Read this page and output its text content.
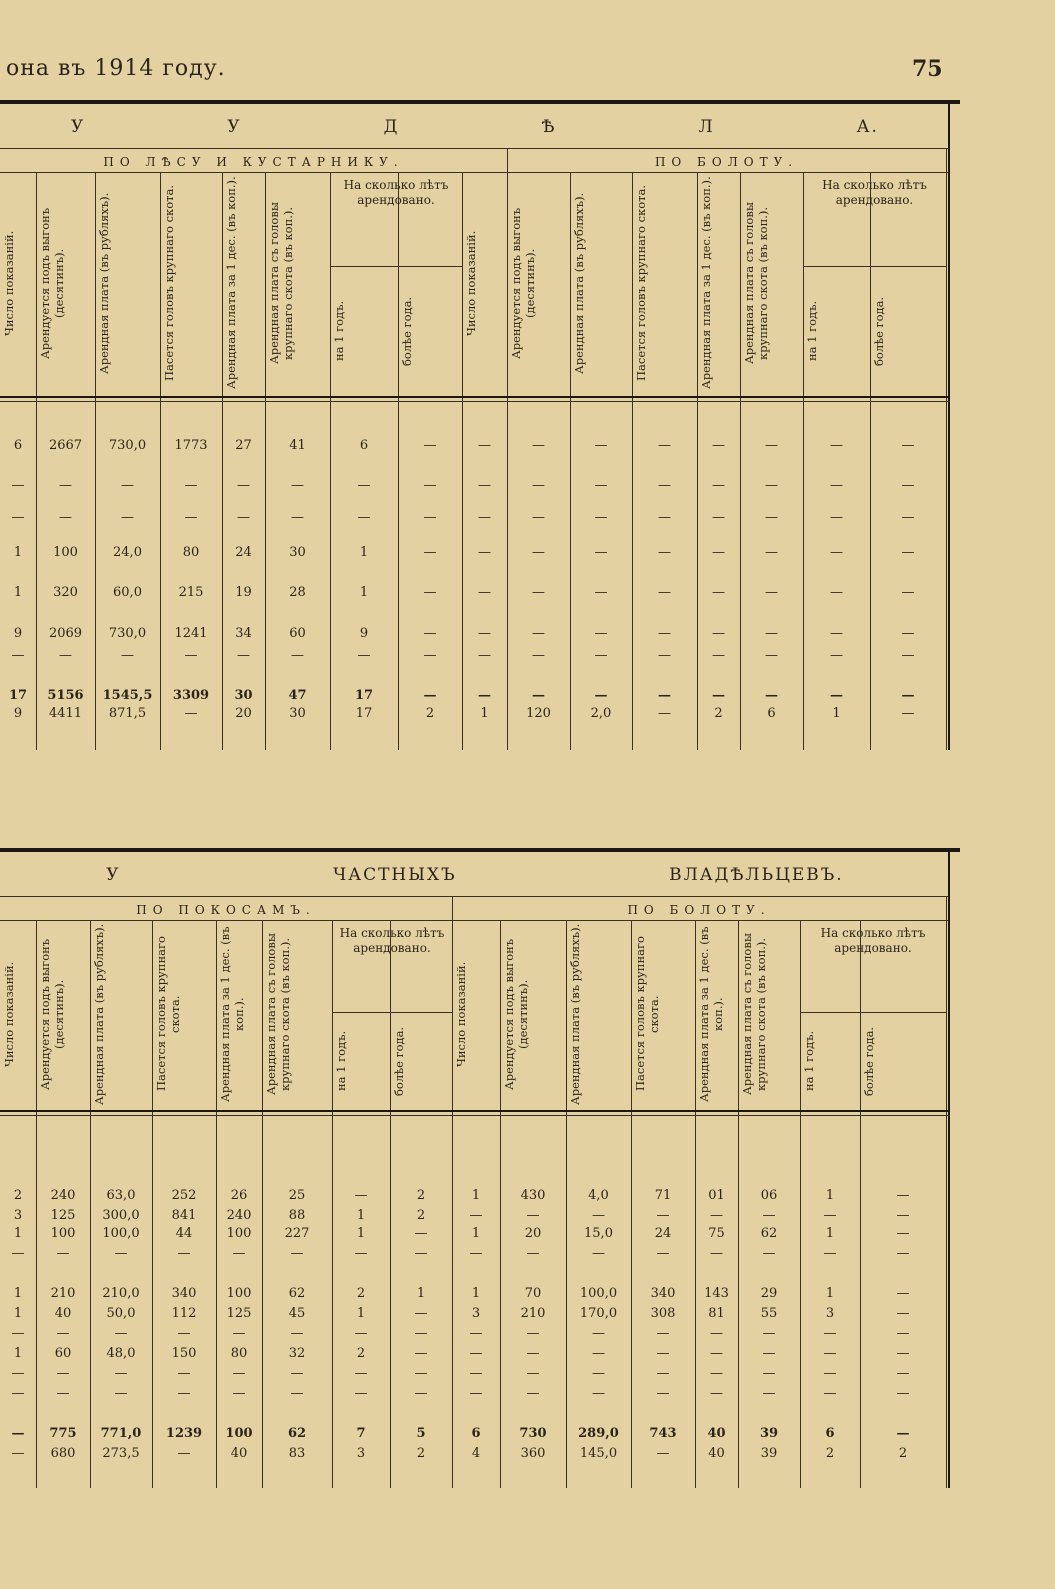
она въ 1914 году.	75
У	У	Д	Ѣ	Л	А.
ПО ЛѢСУ И КУСТАРНИКУ.	ПО БОЛОТУ.
Число показаній.	Арендуется подъ выгонъ (десятинъ).	Арендная плата (въ рубляхъ).	Пасется головъ крупнаго скота.	Арендная плата за 1 дес. (въ коп.).	Арендная плата съ головы крупнаго скота (въ коп.).
На сколько лѣтъ арендовано.
на 1 годъ.	болѣе года.	Число показаній.	Арендуется подъ выгонъ (десятинъ).	Арендная плата (въ рубляхъ).	Пасется головъ крупнаго скота.	Арендная плата за 1 дес. (въ коп.).	Арендная плата съ головы крупнаго скота (въ коп.).
На сколько лѣтъ арендовано.
на 1 годъ.	болѣе года.
6	2667	730,0	1773	27	41	6	—	—	—	—	—	—	—	—	—
—	—	—	—	—	—	—	—	—	—	—	—	—	—	—	—
—	—	—	—	—	—	—	—	—	—	—	—	—	—	—	—
1	100	24,0	80	24	30	1	—	—	—	—	—	—	—	—	—
1	320	60,0	215	19	28	1	—	—	—	—	—	—	—	—	—
9	2069	730,0	1241	34	60	9	—	—	—	—	—	—	—	—	—
—	—	—	—	—	—	—	—	—	—	—	—	—	—	—	—
17	5156	1545,5	3309	30	47	17	—	—	—	—	—	—	—	—	—
9	4411	871,5	—	20	30	17	2	1	120	2,0	—	2	6	1	—
У	ЧАСТНЫХЪ	ВЛАДѢЛЬЦЕВЪ.
ПО ПОКОСАМЪ.	ПО БОЛОТУ.
Число показаній.	Арендуется подъ выгонъ (десятинъ).	Арендная плата (въ рубляхъ).	Пасется головъ крупнаго скота.	Арендная плата за 1 дес. (въ коп.).	Арендная плата съ головы крупнаго скота (въ коп.).
На сколько лѣтъ арендовано.
на 1 годъ.	болѣе года.	Число показаній.	Арендуется подъ выгонъ (десятинъ).	Арендная плата (въ рубляхъ).	Пасется головъ крупнаго скота.	Арендная плата за 1 дес. (въ коп.).	Арендная плата съ головы крупнаго скота (въ коп.).
На сколько лѣтъ арендовано.
на 1 годъ.	болѣе года.
2	240	63,0	252	26	25	—	2	1	430	4,0	71	01	06	1	—
3	125	300,0	841	240	88	1	2	—	—	—	—	—	—	—	—
1	100	100,0	44	100	227	1	—	1	20	15,0	24	75	62	1	—
—	—	—	—	—	—	—	—	—	—	—	—	—	—	—	—
1	210	210,0	340	100	62	2	1	1	70	100,0	340	143	29	1	—
1	40	50,0	112	125	45	1	—	3	210	170,0	308	81	55	3	—
—	—	—	—	—	—	—	—	—	—	—	—	—	—	—	—
1	60	48,0	150	80	32	2	—	—	—	—	—	—	—	—	—
—	—	—	—	—	—	—	—	—	—	—	—	—	—	—	—
—	—	—	—	—	—	—	—	—	—	—	—	—	—	—	—
—	775	771,0	1239	100	62	7	5	6	730	289,0	743	40	39	6	—
—	680	273,5	—	40	83	3	2	4	360	145,0	—	40	39	2	2
